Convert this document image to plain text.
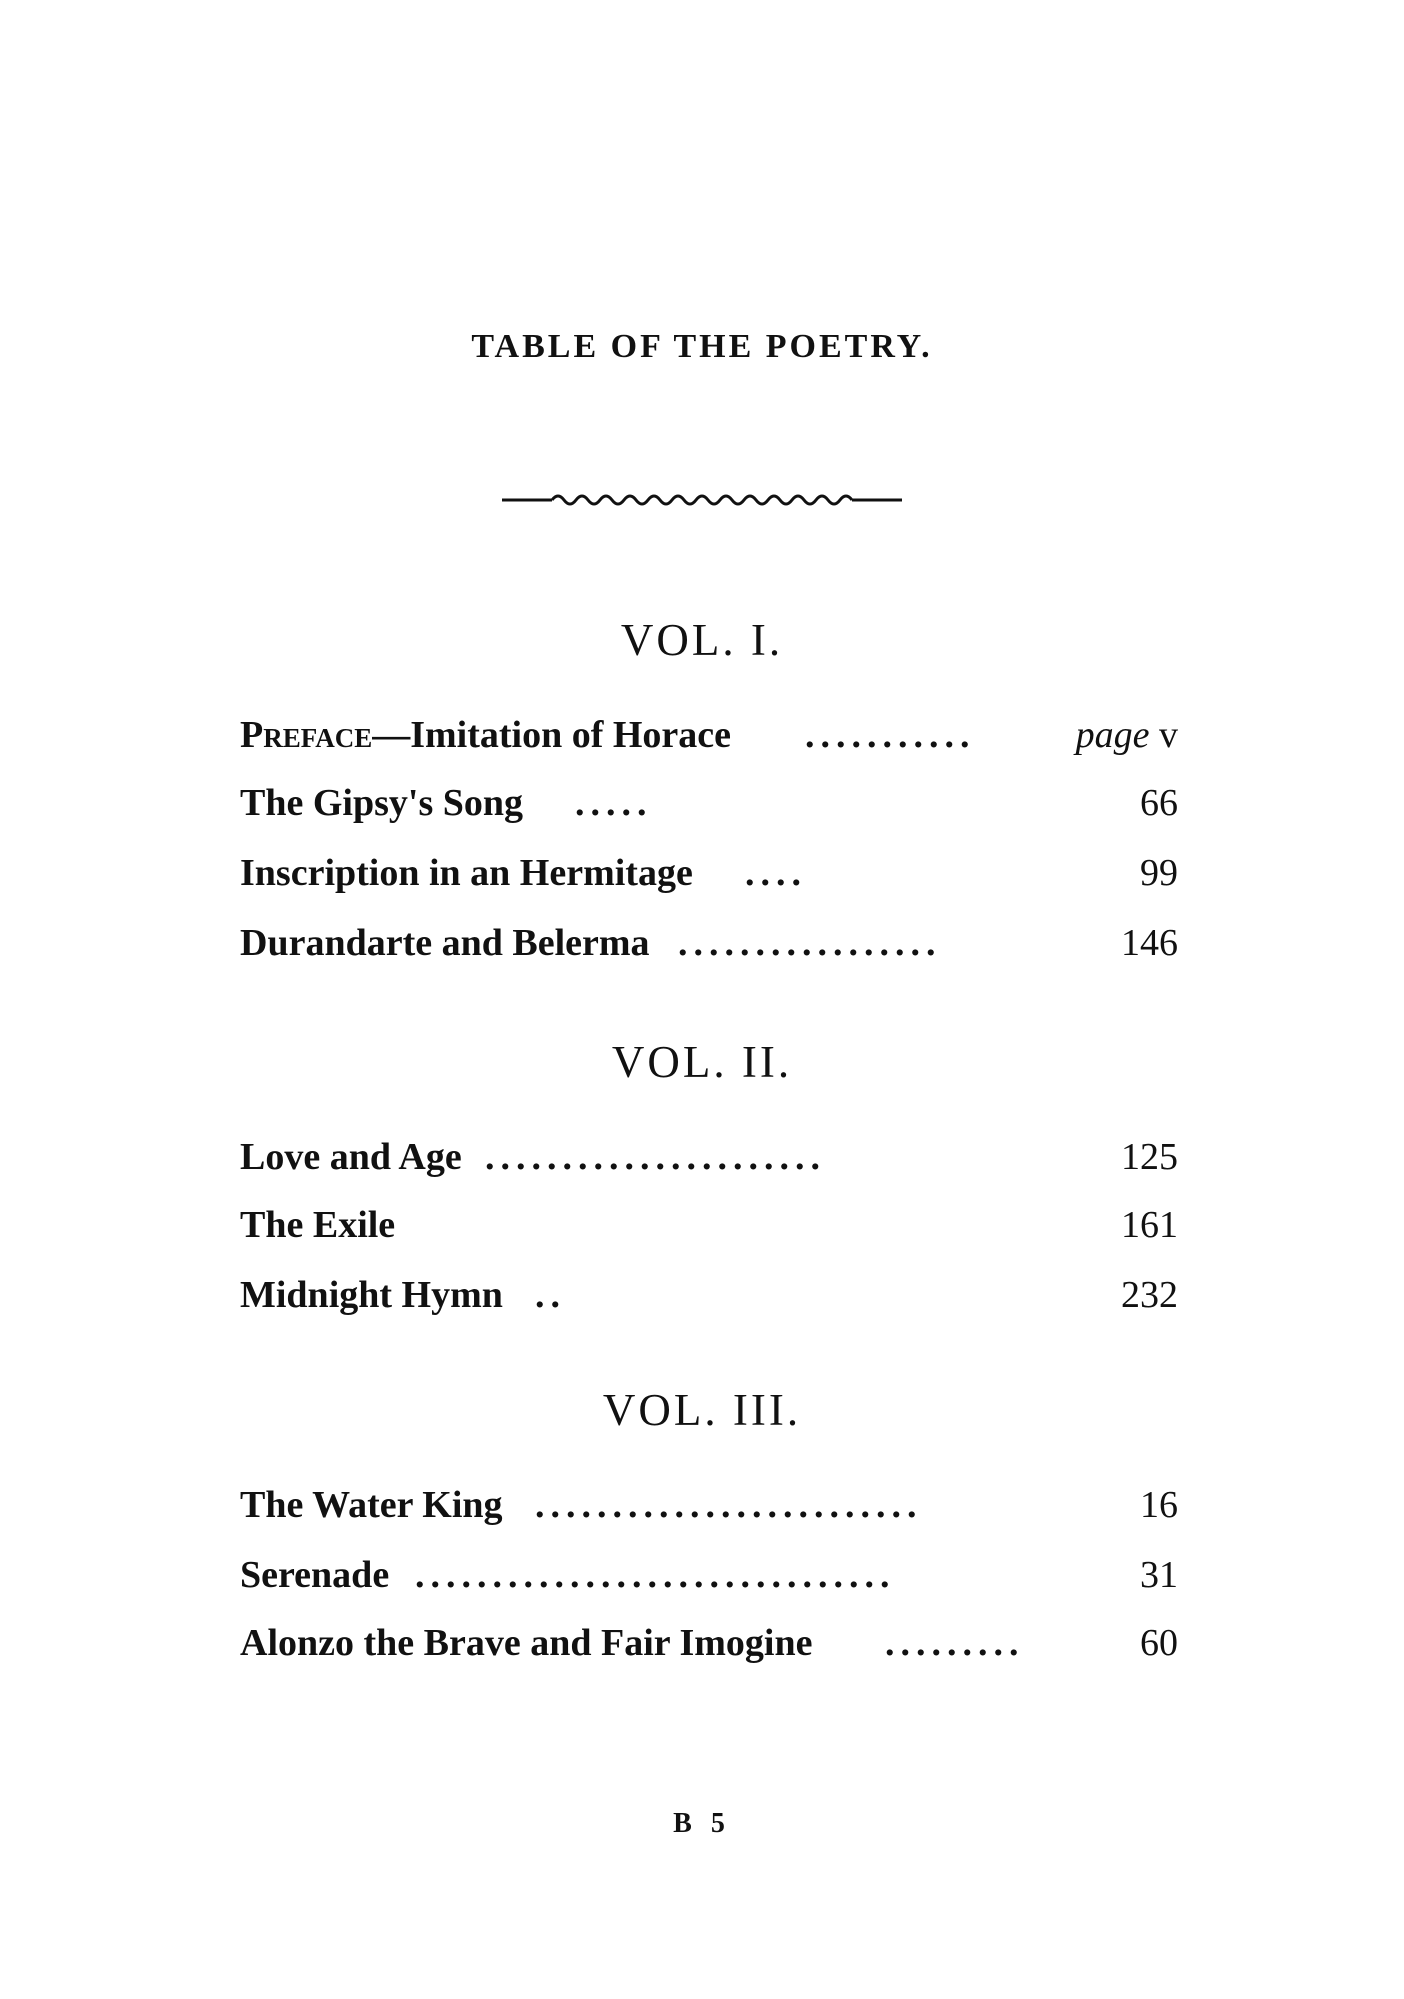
TABLE OF THE POETRY.
VOL. I.
Preface—Imitation of Horace ...........	page v
The Gipsy's Song .....	66
Inscription in an Hermitage ....	99
Durandarte and Belerma .................	146
VOL. II.
Love and Age ......................	125
The Exile	161
Midnight Hymn ..	232
VOL. III.
The Water King .........................	16
Serenade ...............................	31
Alonzo the Brave and Fair Imogine .........	60
B 5
